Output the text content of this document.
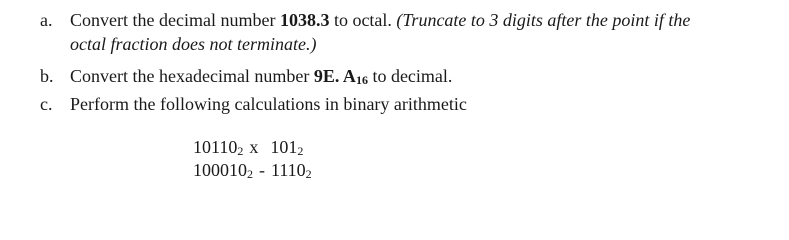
a. Convert the decimal number 1038.3 to octal. (Truncate to 3 digits after the point if the
octal fraction does not terminate.)
b. Convert the hexadecimal number 9E. $A_{16}$ to decimal.
c. Perform the following calculations in binary arithmetic
$10110_2$ x $101_2$
$100010_2 - 1110_2$
